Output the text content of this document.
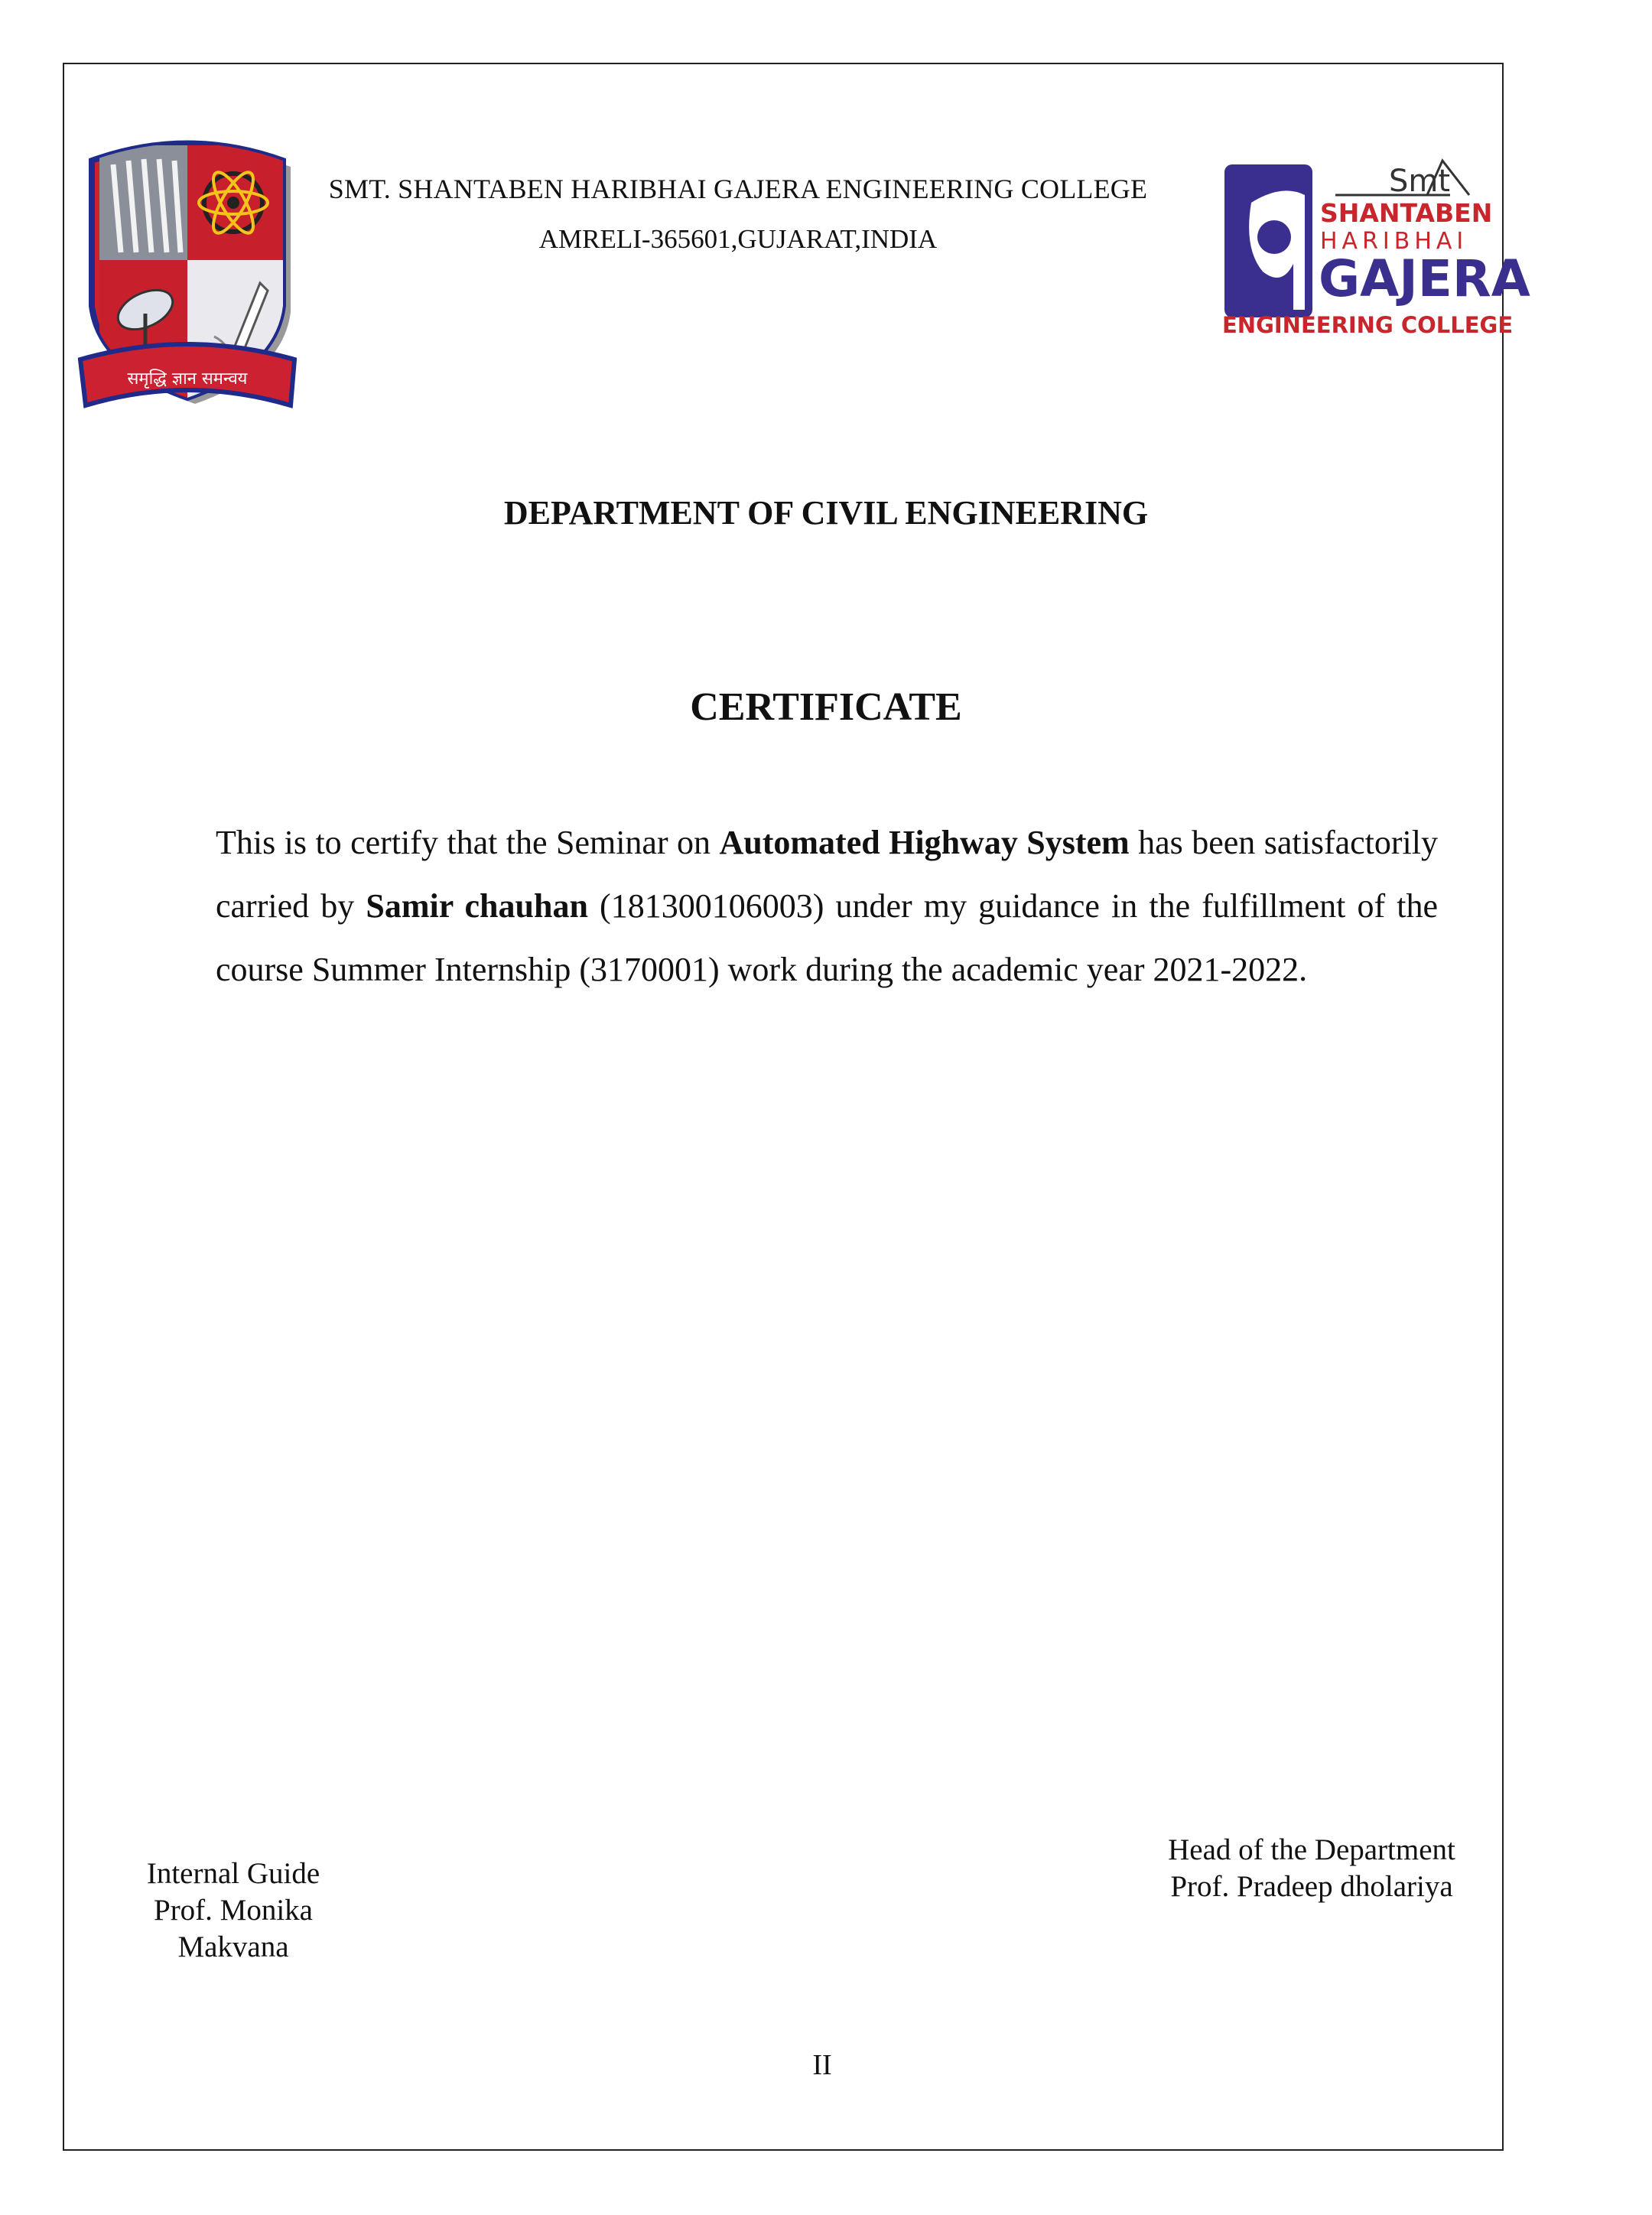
समृद्धि ज्ञान समन्वय
SMT. SHANTABEN HARIBHAI GAJERA ENGINEERING COLLEGE
AMRELI-365601,GUJARAT,INDIA
Smt
SHANTABEN
HARIBHAI
GAJERA
ENGINEERING COLLEGE
DEPARTMENT OF CIVIL ENGINEERING
CERTIFICATE
This is to certify that the Seminar on Automated Highway System has been satisfactorily carried by Samir chauhan (181300106003) under my guidance in the fulfillment of the course Summer Internship (3170001) work during the academic year 2021-2022.
Internal Guide
Prof. Monika
Makvana
Head of the Department
Prof. Pradeep dholariya
II
